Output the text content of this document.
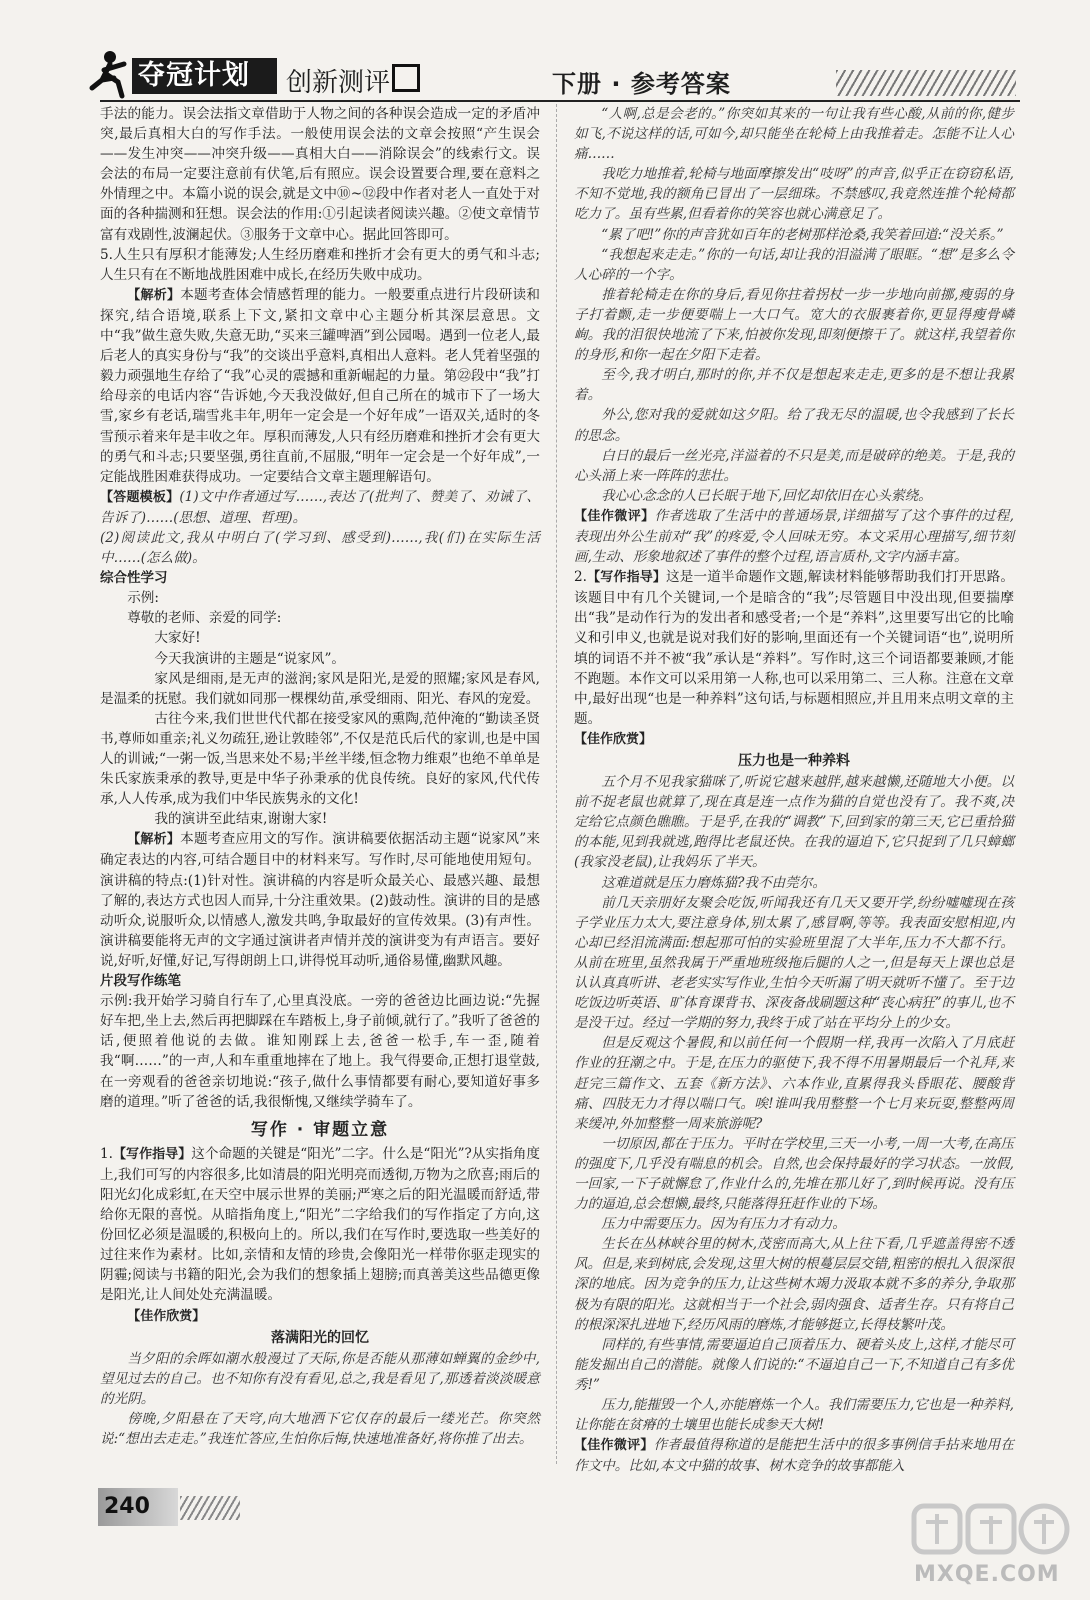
夺冠计划	创新测评	下册 · 参考答案

手法的能力。误会法指文章借助于人物之间的各种误会造成一定的矛盾冲突,最后真相大白的写作手法。一般使用误会法的文章会按照“产生误会——发生冲突——冲突升级——真相大白——消除误会”的线索行文。误会法的布局一定要注意前有伏笔,后有照应。误会设置要合理,要在意料之外情理之中。本篇小说的误会,就是文中⑩~⑫段中作者对老人一直处于对面的各种揣测和狂想。误会法的作用:①引起读者阅读兴趣。②使文章情节富有戏剧性,波澜起伏。③服务于文章中心。据此回答即可。

5.人生只有厚积才能薄发;人生经历磨难和挫折才会有更大的勇气和斗志;人生只有在不断地战胜困难中成长,在经历失败中成功。

【解析】本题考查体会情感哲理的能力。一般要重点进行片段研读和探究,结合语境,联系上下文,紧扣文章中心主题分析其深层意思。文中“我”做生意失败,失意无助,“买来三罐啤酒”到公园喝。遇到一位老人,最后老人的真实身份与“我”的交谈出乎意料,真相出人意料。老人凭着坚强的毅力顽强地生存给了“我”心灵的震撼和重新崛起的力量。第㉒段中“我”打给母亲的电话内容“告诉她,今天我没做好,但自己所在的城市下了一场大雪,家乡有老话,瑞雪兆丰年,明年一定会是一个好年成”一语双关,适时的冬雪预示着来年是丰收之年。厚积而薄发,人只有经历磨难和挫折才会有更大的勇气和斗志;只要坚强,勇往直前,不屈服,“明年一定会是一个好年成”,一定能战胜困难获得成功。一定要结合文章主题理解语句。

【答题模板】(1)文中作者通过写……,表达了(批判了、赞美了、劝诫了、告诉了)……(思想、道理、哲理)。

(2)阅读此文,我从中明白了(学习到、感受到)……,我(们)在实际生活中……(怎么做)。

综合性学习

示例:

尊敬的老师、亲爱的同学:

大家好!

今天我演讲的主题是“说家风”。

家风是细雨,是无声的滋润;家风是阳光,是爱的照耀;家风是春风,是温柔的抚慰。我们就如同那一棵棵幼苗,承受细雨、阳光、春风的宠爱。

古往今来,我们世世代代都在接受家风的熏陶,范仲淹的“勤读圣贤书,尊师如重亲;礼义勿疏狂,逊让敦睦邻”,不仅是范氏后代的家训,也是中国人的训诫;“一粥一饭,当思来处不易;半丝半缕,恒念物力维艰”也绝不单单是朱氏家族秉承的教导,更是中华子孙秉承的优良传统。良好的家风,代代传承,人人传承,成为我们中华民族隽永的文化!

我的演讲至此结束,谢谢大家!

【解析】本题考查应用文的写作。演讲稿要依据活动主题“说家风”来确定表达的内容,可结合题目中的材料来写。写作时,尽可能地使用短句。演讲稿的特点:(1)针对性。演讲稿的内容是听众最关心、最感兴趣、最想了解的,表达方式也因人而异,十分注重效果。(2)鼓动性。演讲的目的是感动听众,说服听众,以情感人,激发共鸣,争取最好的宣传效果。(3)有声性。演讲稿要能将无声的文字通过演讲者声情并茂的演讲变为有声语言。要好说,好听,好懂,好记,写得朗朗上口,讲得悦耳动听,通俗易懂,幽默风趣。

片段写作练笔

示例:我开始学习骑自行车了,心里真没底。一旁的爸爸边比画边说:“先握好车把,坐上去,然后再把脚踩在车踏板上,身子前倾,就行了。”我听了爸爸的话,便照着他说的去做。谁知刚踩上去,爸爸一松手,车一歪,随着我“啊……”的一声,人和车重重地摔在了地上。我气得要命,正想打退堂鼓,在一旁观看的爸爸亲切地说:“孩子,做什么事情都要有耐心,要知道好事多磨的道理。”听了爸爸的话,我很惭愧,又继续学骑车了。

写作 · 审题立意

1.【写作指导】这个命题的关键是“阳光”二字。什么是“阳光”?从实指角度上,我们可写的内容很多,比如清晨的阳光明亮而透彻,万物为之欣喜;雨后的阳光幻化成彩虹,在天空中展示世界的美丽;严寒之后的阳光温暖而舒适,带给你无限的喜悦。从暗指角度上,“阳光”二字给我们的写作指定了方向,这份回忆必须是温暖的,积极向上的。所以,我们在写作时,要选取一些美好的过往来作为素材。比如,亲情和友情的珍贵,会像阳光一样带你驱走现实的阴霾;阅读与书籍的阳光,会为我们的想象插上翅膀;而真善美这些品德更像是阳光,让人间处处充满温暖。

【佳作欣赏】

落满阳光的回忆

当夕阳的余晖如潮水般漫过了天际,你是否能从那薄如蝉翼的金纱中,望见过去的自己。也不知你有没有看见,总之,我是看见了,那透着淡淡暖意的光阴。

傍晚,夕阳悬在了天穹,向大地洒下它仅存的最后一缕光芒。你突然说:“想出去走走。”我连忙答应,生怕你后悔,快速地准备好,将你推了出去。

“人啊,总是会老的。”你突如其来的一句让我有些心酸,从前的你,健步如飞,不说这样的话,可如今,却只能坐在轮椅上由我推着走。怎能不让人心痛……

我吃力地推着,轮椅与地面摩擦发出“吱呀”的声音,似乎正在窃窃私语,不知不觉地,我的额角已冒出了一层细珠。不禁感叹,我竟然连推个轮椅都吃力了。虽有些累,但看着你的笑容也就心满意足了。

“累了吧!”你的声音犹如百年的老树那样沧桑,我笑着回道:“没关系。”

“我想起来走走。”你的一句话,却让我的泪溢满了眼眶。“想”是多么令人心碎的一个字。

推着轮椅走在你的身后,看见你拄着拐杖一步一步地向前挪,瘦弱的身子打着颤,走一步便要喘上一大口气。宽大的衣服裹着你,更显得瘦骨嶙峋。我的泪很快地流了下来,怕被你发现,即刻便擦干了。就这样,我望着你的身形,和你一起在夕阳下走着。

至今,我才明白,那时的你,并不仅是想起来走走,更多的是不想让我累着。

外公,您对我的爱就如这夕阳。给了我无尽的温暖,也令我感到了长长的思念。

白日的最后一丝光亮,洋溢着的不只是美,而是破碎的绝美。于是,我的心头涌上来一阵阵的悲壮。

我心心念念的人已长眠于地下,回忆却依旧在心头萦绕。

【佳作微评】作者选取了生活中的普通场景,详细描写了这个事件的过程,表现出外公生前对“我”的疼爱,令人回味无穷。本文采用心理描写,细节刻画,生动、形象地叙述了事件的整个过程,语言质朴,文字内涵丰富。

2.【写作指导】这是一道半命题作文题,解读材料能够帮助我们打开思路。该题目中有几个关键词,一个是暗含的“我”;尽管题目中没出现,但要揣摩出“我”是动作行为的发出者和感受者;一个是“养料”,这里要写出它的比喻义和引申义,也就是说对我们好的影响,里面还有一个关键词语“也”,说明所填的词语不并不被“我”承认是“养料”。写作时,这三个词语都要兼顾,才能不跑题。本作文可以采用第一人称,也可以采用第二、三人称。注意在文章中,最好出现“也是一种养料”这句话,与标题相照应,并且用来点明文章的主题。

【佳作欣赏】

压力也是一种养料

五个月不见我家猫咪了,听说它越来越胖,越来越懒,还随地大小便。以前不捉老鼠也就算了,现在真是连一点作为猫的自觉也没有了。我不爽,决定给它点颜色瞧瞧。于是乎,在我的“调教”下,回到家的第三天,它已重拾猫的本能,见到我就逃,跑得比老鼠还快。在我的逼迫下,它只捉到了几只蟑螂(我家没老鼠),让我妈乐了半天。

这难道就是压力磨炼猫?我不由莞尔。

前几天亲朋好友聚会吃饭,听闻我还有几天又要开学,纷纷嘘嘘现在孩子学业压力太大,要注意身体,别太累了,感冒啊,等等。我表面安慰相迎,内心却已经泪流满面:想起那可怕的实验班里混了大半年,压力不大都不行。从前在班里,虽然我属于严重地班级拖后腿的人之一,但是每天上课也总是认认真真听讲、老老实实写作业,生怕今天听漏了明天就听不懂了。至于边吃饭边听英语、旷体育课背书、深夜备战刷题这种“丧心病狂”的事儿,也不是没干过。经过一学期的努力,我终于成了站在平均分上的少女。

但是反观这个暑假,和以前任何一个假期一样,我再一次陷入了月底赶作业的狂潮之中。于是,在压力的驱使下,我不得不用暑期最后一个礼拜,来赶完三篇作文、五套《新方法》、六本作业,直累得我头昏眼花、腰酸背痛、四肢无力才得以喘口气。唉!谁叫我用整整一个七月来玩耍,整整两周来缓冲,外加整整一周来旅游呢?

一切原因,都在于压力。平时在学校里,三天一小考,一周一大考,在高压的强度下,几乎没有喘息的机会。自然,也会保持最好的学习状态。一放假,一回家,一下子就懈怠了,作业什么的,先堆在那儿好了,到时候再说。没有压力的逼迫,总会想懒,最终,只能落得狂赶作业的下场。

压力中需要压力。因为有压力才有动力。

生长在丛林峡谷里的树木,茂密而高大,从上往下看,几乎遮盖得密不透风。但是,来到树底,会发现,这里大树的根蔓层层交错,粗密的根扎入很深很深的地底。因为竞争的压力,让这些树木竭力汲取本就不多的养分,争取那极为有限的阳光。这就相当于一个社会,弱肉强食、适者生存。只有将自己的根深深扎进地下,经历风雨的磨炼,才能够挺立,长得枝繁叶茂。

同样的,有些事情,需要逼迫自己顶着压力、硬着头皮上,这样,才能尽可能发掘出自己的潜能。就像人们说的:“不逼迫自己一下,不知道自己有多优秀!”

压力,能摧毁一个人,亦能磨炼一个人。我们需要压力,它也是一种养料,让你能在贫瘠的土壤里也能长成参天大树!

【佳作微评】作者最值得称道的是能把生活中的很多事例信手拈来地用在作文中。比如,本文中猫的故事、树木竞争的故事都能入

240
MXQE.COM
